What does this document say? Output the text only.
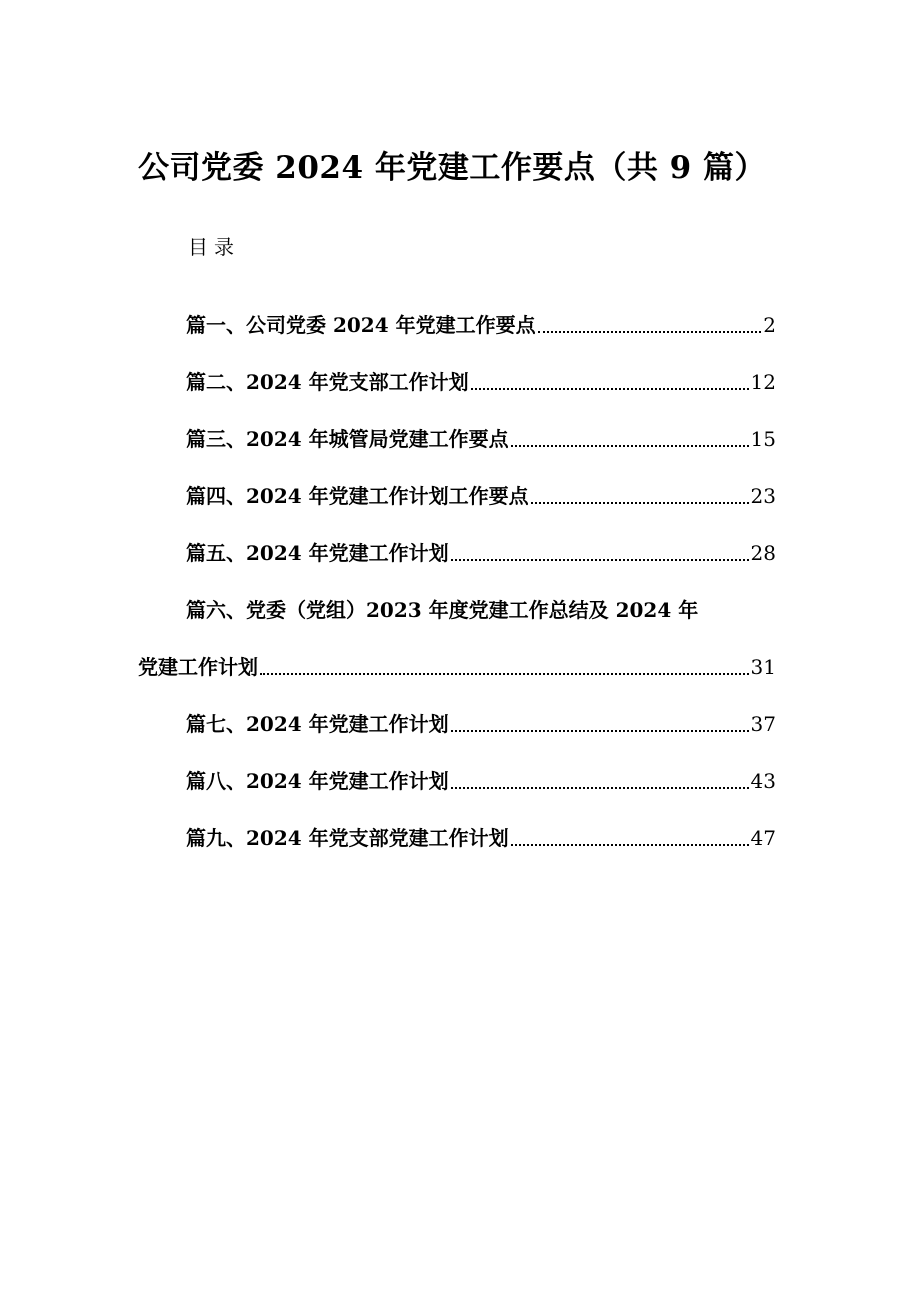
公司党委 2024 年党建工作要点（共 9 篇）
目录
篇一、公司党委 2024 年党建工作要点	2
篇二、2024 年党支部工作计划	12
篇三、2024 年城管局党建工作要点	15
篇四、2024 年党建工作计划工作要点	23
篇五、2024 年党建工作计划	28
篇六、党委（党组）2023 年度党建工作总结及 2024 年
党建工作计划	31
篇七、2024 年党建工作计划	37
篇八、2024 年党建工作计划	43
篇九、2024 年党支部党建工作计划	47
